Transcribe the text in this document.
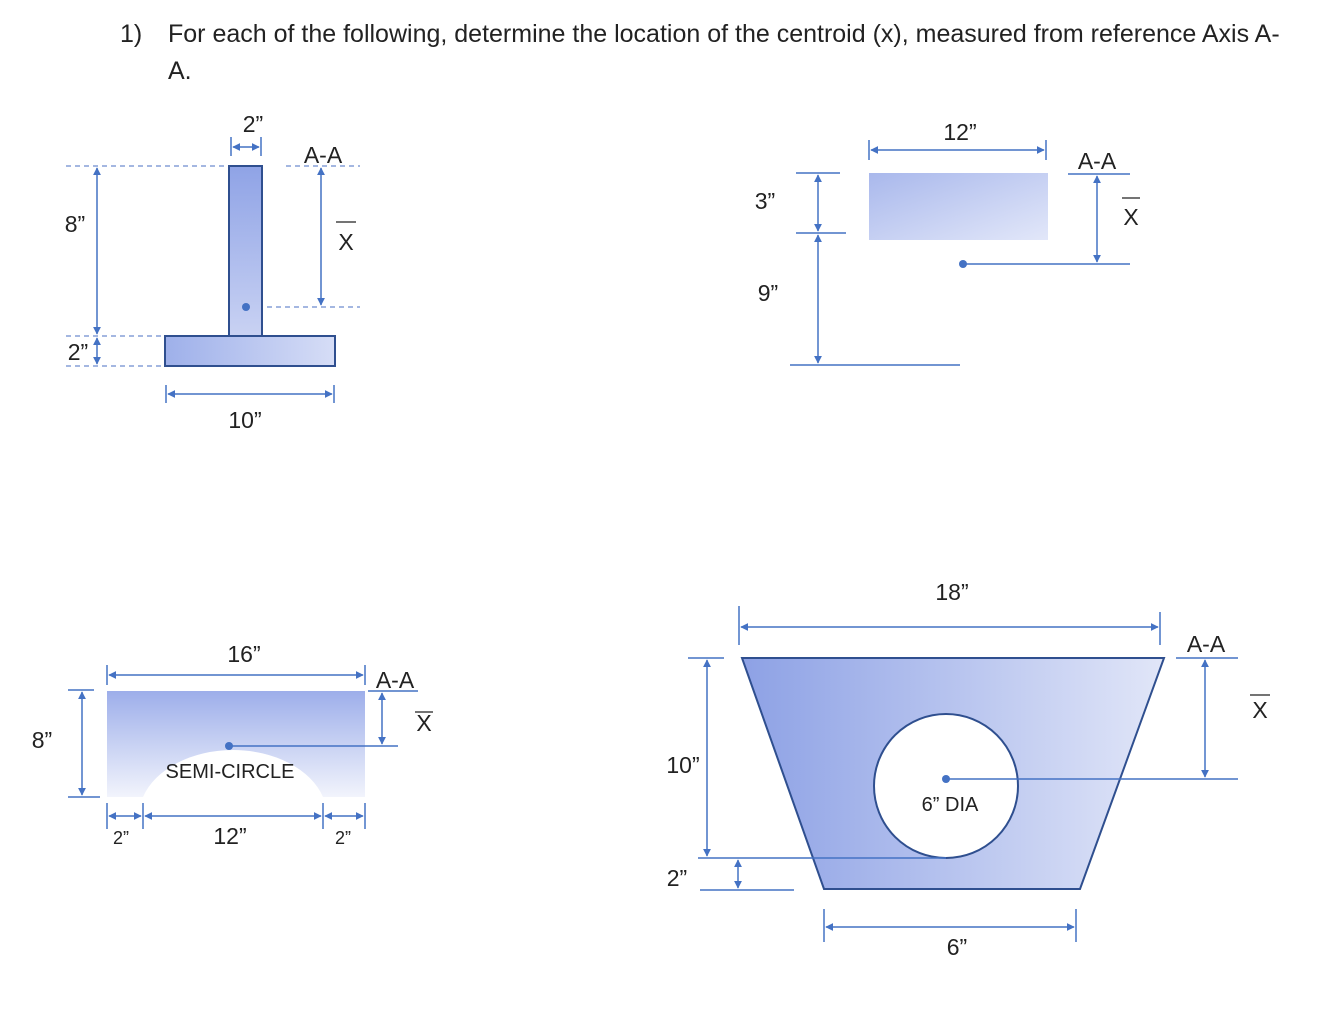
1) For each of the following, determine the location of the centroid (x), measured from reference Axis A-A.
2”
A-A
X
8”
2”
10”
12”
A-A
X
3”
9”
SEMI-CIRCLE
16”
A-A
X
8”
2”	12”	2”
6” DIA
18”
A-A
X
10”
2”
6”
